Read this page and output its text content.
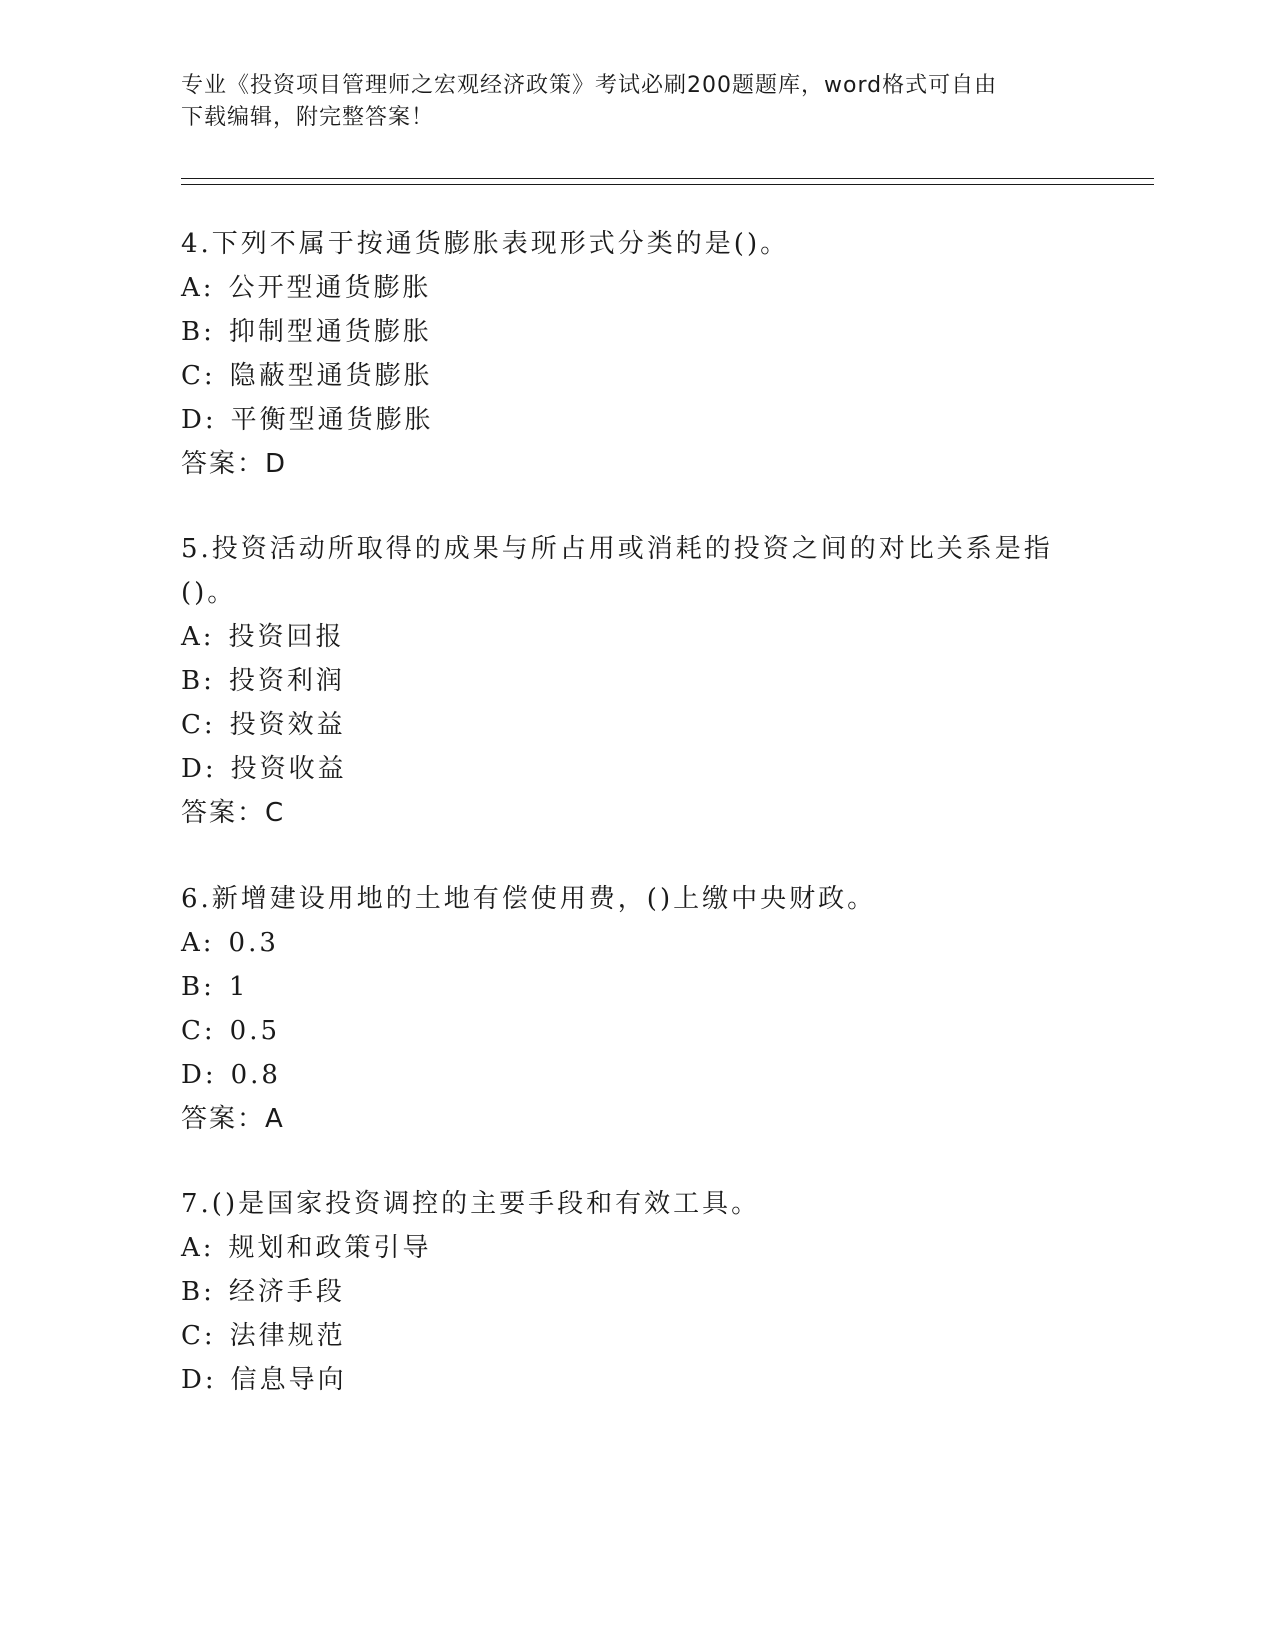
专业《投资项目管理师之宏观经济政策》考试必刷200题题库，word格式可自由
下载编辑，附完整答案！
4.下列不属于按通货膨胀表现形式分类的是()。
A: 公开型通货膨胀
B: 抑制型通货膨胀
C: 隐蔽型通货膨胀
D: 平衡型通货膨胀
答案：D
5.投资活动所取得的成果与所占用或消耗的投资之间的对比关系是指
()。
A: 投资回报
B: 投资利润
C: 投资效益
D: 投资收益
答案：C
6.新增建设用地的土地有偿使用费，()上缴中央财政。
A: 0.3
B: 1
C: 0.5
D: 0.8
答案：A
7.()是国家投资调控的主要手段和有效工具。
A: 规划和政策引导
B: 经济手段
C: 法律规范
D: 信息导向
